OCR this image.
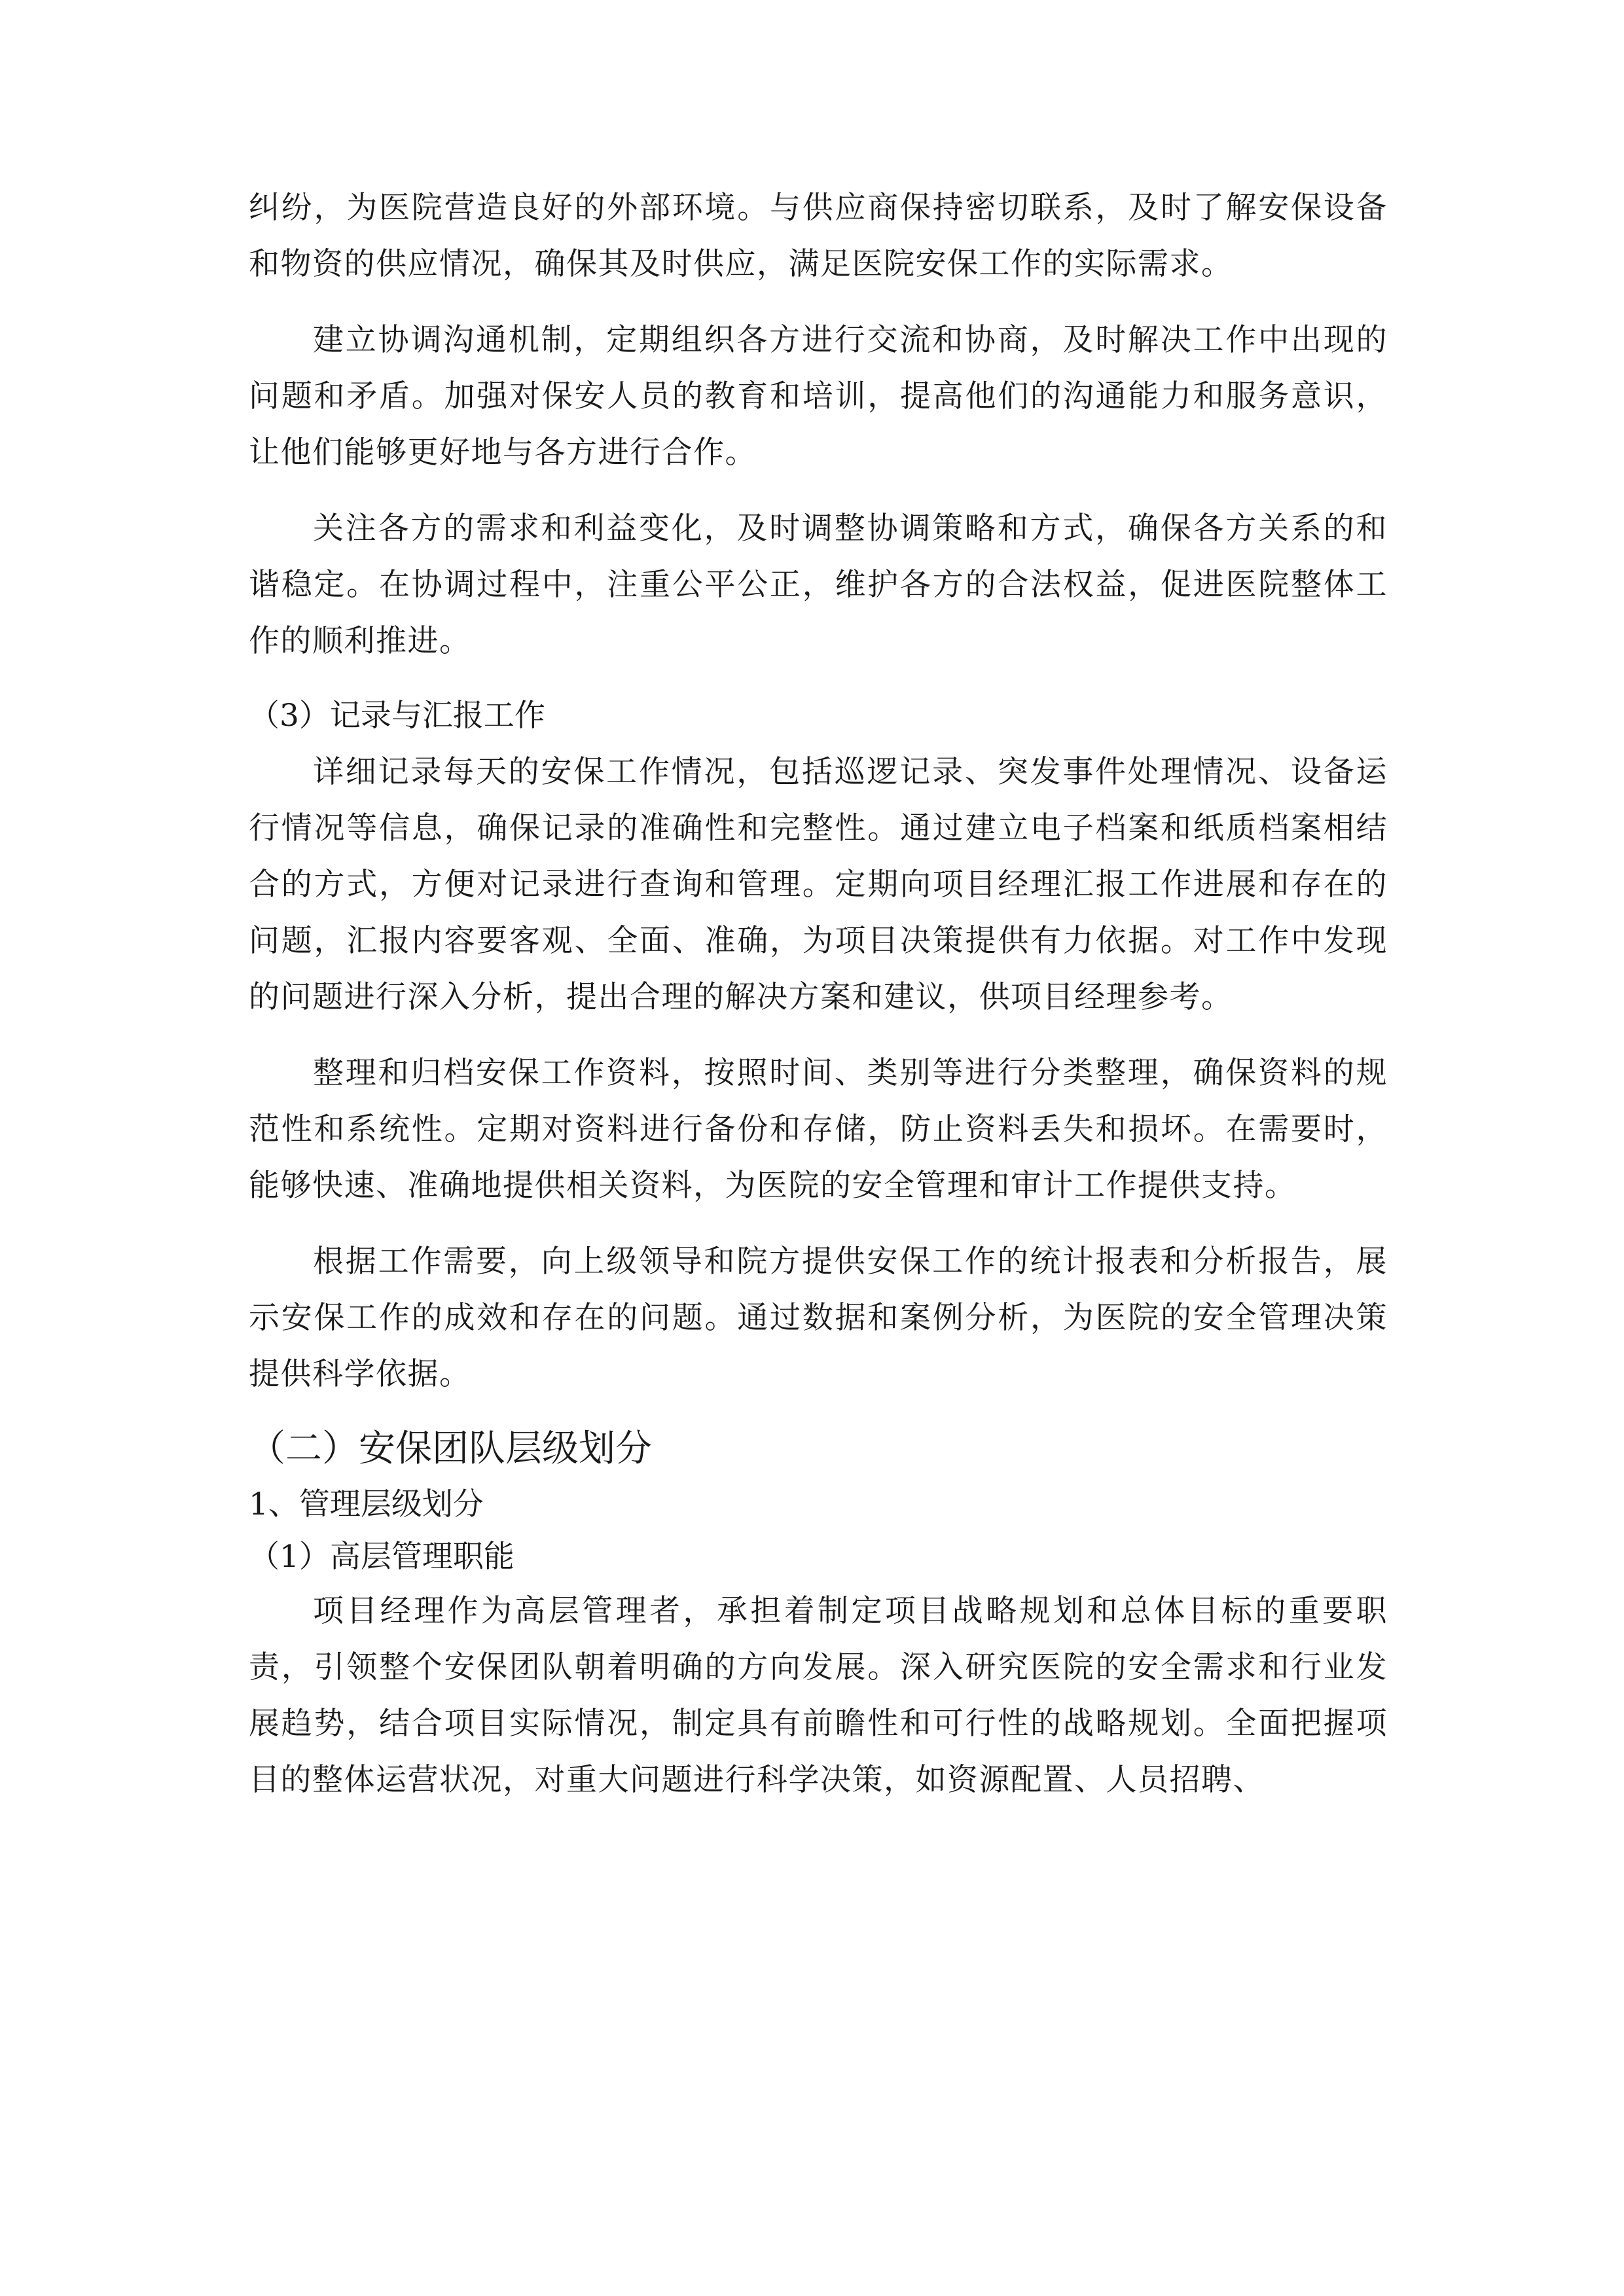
纠纷，为医院营造良好的外部环境。与供应商保持密切联系，及时了解安保设备和物资的供应情况，确保其及时供应，满足医院安保工作的实际需求。

建立协调沟通机制，定期组织各方进行交流和协商，及时解决工作中出现的问题和矛盾。加强对保安人员的教育和培训，提高他们的沟通能力和服务意识，让他们能够更好地与各方进行合作。

关注各方的需求和利益变化，及时调整协调策略和方式，确保各方关系的和谐稳定。在协调过程中，注重公平公正，维护各方的合法权益，促进医院整体工作的顺利推进。

（3）记录与汇报工作

详细记录每天的安保工作情况，包括巡逻记录、突发事件处理情况、设备运行情况等信息，确保记录的准确性和完整性。通过建立电子档案和纸质档案相结合的方式，方便对记录进行查询和管理。定期向项目经理汇报工作进展和存在的问题，汇报内容要客观、全面、准确，为项目决策提供有力依据。对工作中发现的问题进行深入分析，提出合理的解决方案和建议，供项目经理参考。

整理和归档安保工作资料，按照时间、类别等进行分类整理，确保资料的规范性和系统性。定期对资料进行备份和存储，防止资料丢失和损坏。在需要时，能够快速、准确地提供相关资料，为医院的安全管理和审计工作提供支持。

根据工作需要，向上级领导和院方提供安保工作的统计报表和分析报告，展示安保工作的成效和存在的问题。通过数据和案例分析，为医院的安全管理决策提供科学依据。

（二）安保团队层级划分
1、管理层级划分
（1）高层管理职能

项目经理作为高层管理者，承担着制定项目战略规划和总体目标的重要职责，引领整个安保团队朝着明确的方向发展。深入研究医院的安全需求和行业发展趋势，结合项目实际情况，制定具有前瞻性和可行性的战略规划。全面把握项目的整体运营状况，对重大问题进行科学决策，如资源配置、人员招聘、
